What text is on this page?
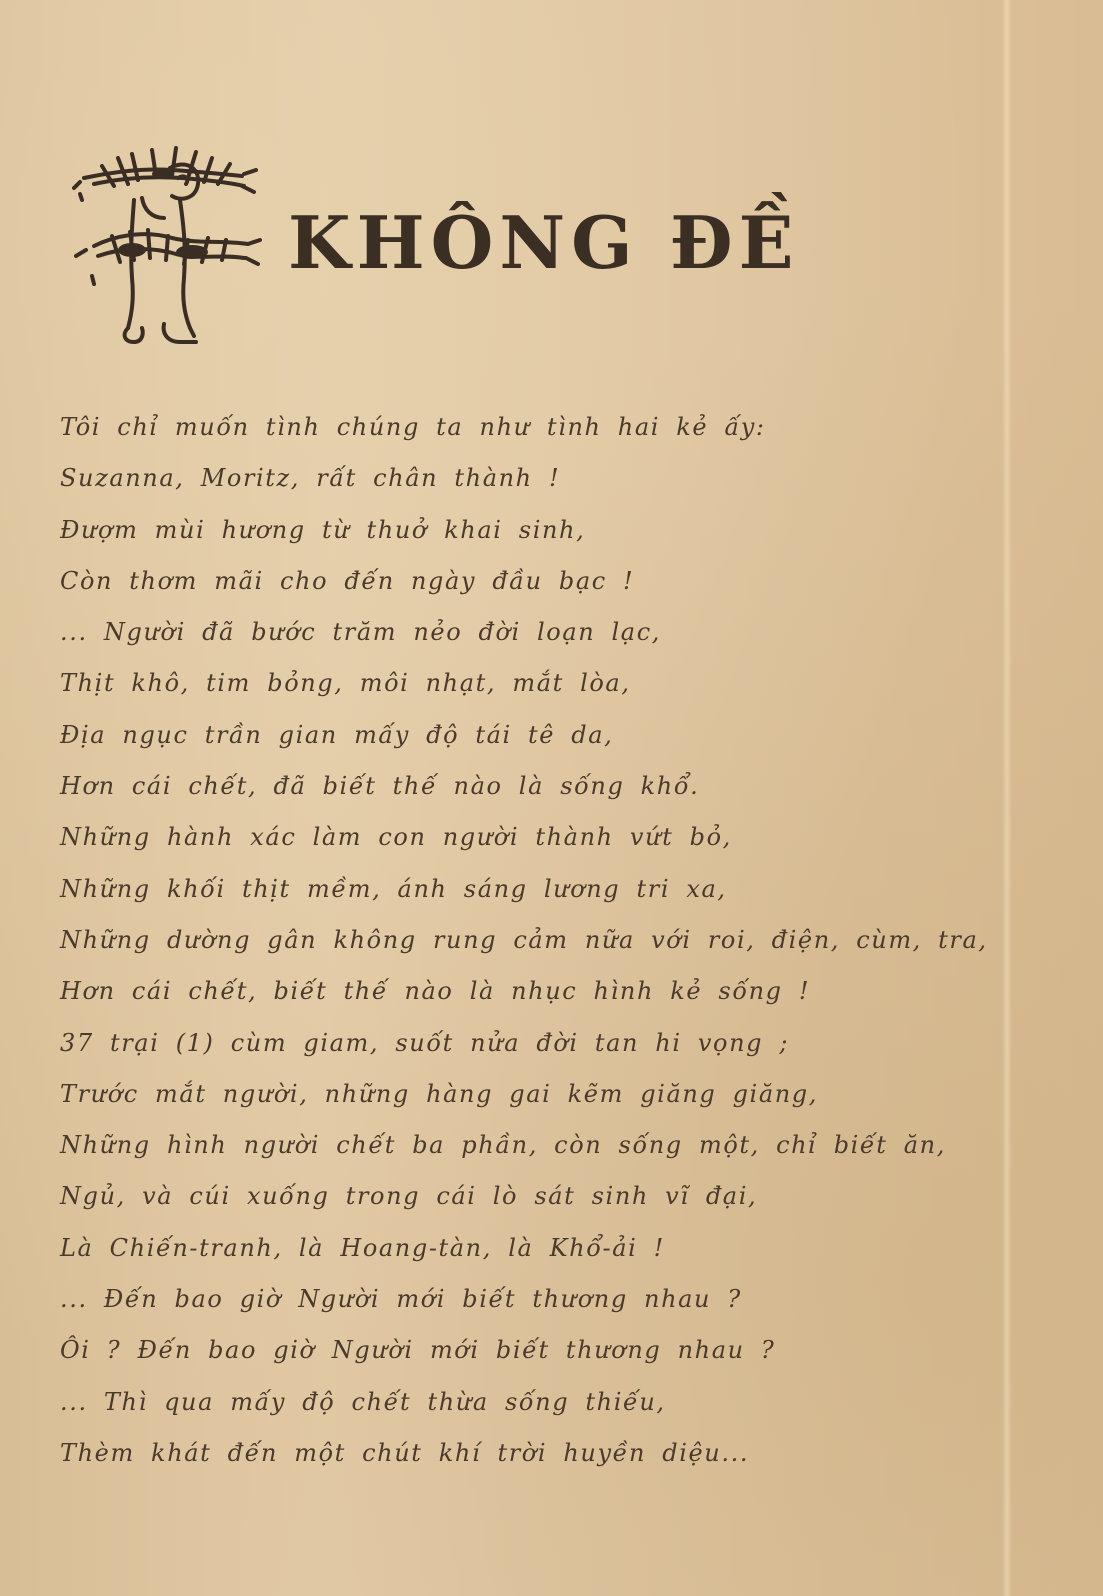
KHÔNG ĐỀ
Tôi chỉ muốn tình chúng ta như tình hai kẻ ấy:
Suzanna, Moritz, rất chân thành !
Đượm mùi hương từ thuở khai sinh,
Còn thơm mãi cho đến ngày đầu bạc !
... Người đã bước trăm nẻo đời loạn lạc,
Thịt khô, tim bỏng, môi nhạt, mắt lòa,
Địa ngục trần gian mấy độ tái tê da,
Hơn cái chết, đã biết thế nào là sống khổ.
Những hành xác làm con người thành vứt bỏ,
Những khối thịt mềm, ánh sáng lương tri xa,
Những dường gân không rung cảm nữa với roi, điện, cùm, tra,
Hơn cái chết, biết thế nào là nhục hình kẻ sống !
37 trại (1) cùm giam, suốt nửa đời tan hi vọng ;
Trước mắt người, những hàng gai kẽm giăng giăng,
Những hình người chết ba phần, còn sống một, chỉ biết ăn,
Ngủ, và cúi xuống trong cái lò sát sinh vĩ đại,
Là Chiến-tranh, là Hoang-tàn, là Khổ-ải !
... Đến bao giờ Người mới biết thương nhau ?
Ôi ? Đến bao giờ Người mới biết thương nhau ?
... Thì qua mấy độ chết thừa sống thiếu,
Thèm khát đến một chút khí trời huyền diệu...
